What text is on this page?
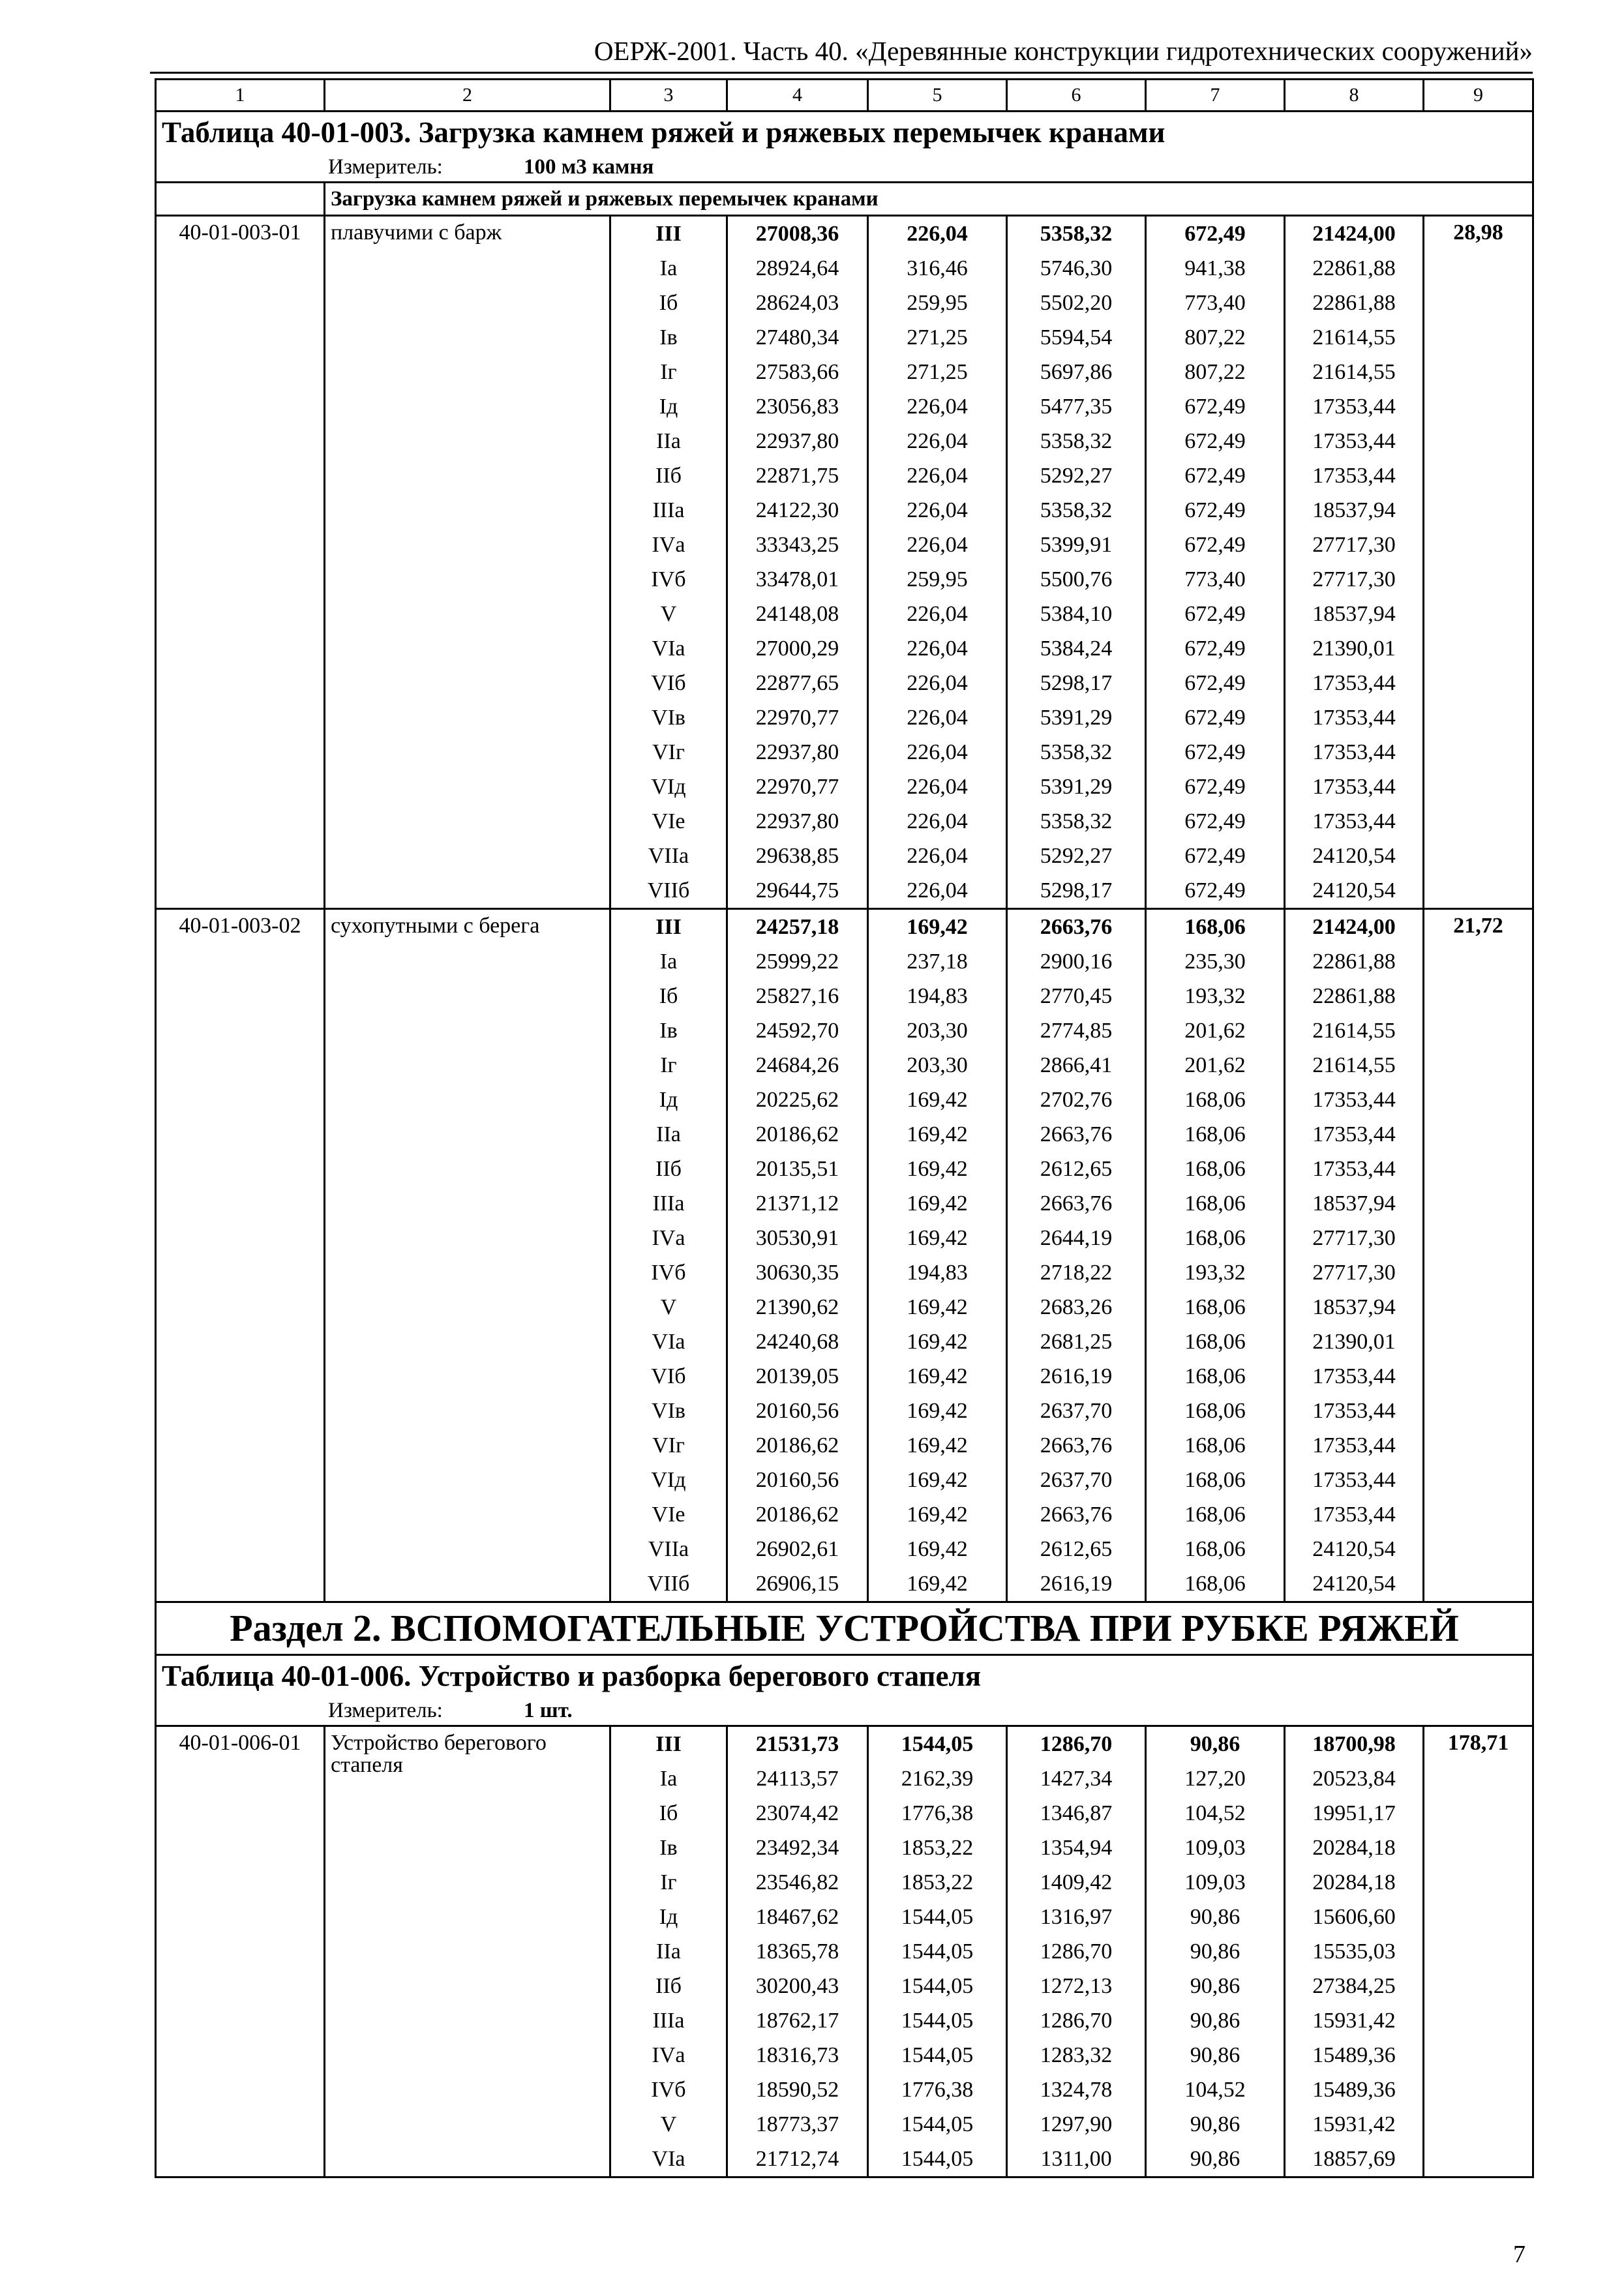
ОЕРЖ-2001. Часть 40. «Деревянные конструкции гидротехнических сооружений»
1	2	3	4	5	6	7	8	9
Таблица 40-01-003. Загрузка камнем ряжей и ряжевых перемычек кранами								
Измеритель: 100 м3 камня								
	Загрузка камнем ряжей и ряжевых перемычек кранами							
40-01-003-01	плавучими с барж	III	27008,36	226,04	5358,32	672,49	21424,00	28,98
		Iа	28924,64	316,46	5746,30	941,38	22861,88	
		Iб	28624,03	259,95	5502,20	773,40	22861,88	
		Iв	27480,34	271,25	5594,54	807,22	21614,55	
		Iг	27583,66	271,25	5697,86	807,22	21614,55	
		Iд	23056,83	226,04	5477,35	672,49	17353,44	
		IIа	22937,80	226,04	5358,32	672,49	17353,44	
		IIб	22871,75	226,04	5292,27	672,49	17353,44	
		IIIа	24122,30	226,04	5358,32	672,49	18537,94	
		IVа	33343,25	226,04	5399,91	672,49	27717,30	
		IVб	33478,01	259,95	5500,76	773,40	27717,30	
		V	24148,08	226,04	5384,10	672,49	18537,94	
		VIа	27000,29	226,04	5384,24	672,49	21390,01	
		VIб	22877,65	226,04	5298,17	672,49	17353,44	
		VIв	22970,77	226,04	5391,29	672,49	17353,44	
		VIг	22937,80	226,04	5358,32	672,49	17353,44	
		VIд	22970,77	226,04	5391,29	672,49	17353,44	
		VIе	22937,80	226,04	5358,32	672,49	17353,44	
		VIIа	29638,85	226,04	5292,27	672,49	24120,54	
		VIIб	29644,75	226,04	5298,17	672,49	24120,54	
40-01-003-02	сухопутными с берега	III	24257,18	169,42	2663,76	168,06	21424,00	21,72
		Iа	25999,22	237,18	2900,16	235,30	22861,88	
		Iб	25827,16	194,83	2770,45	193,32	22861,88	
		Iв	24592,70	203,30	2774,85	201,62	21614,55	
		Iг	24684,26	203,30	2866,41	201,62	21614,55	
		Iд	20225,62	169,42	2702,76	168,06	17353,44	
		IIа	20186,62	169,42	2663,76	168,06	17353,44	
		IIб	20135,51	169,42	2612,65	168,06	17353,44	
		IIIа	21371,12	169,42	2663,76	168,06	18537,94	
		IVа	30530,91	169,42	2644,19	168,06	27717,30	
		IVб	30630,35	194,83	2718,22	193,32	27717,30	
		V	21390,62	169,42	2683,26	168,06	18537,94	
		VIа	24240,68	169,42	2681,25	168,06	21390,01	
		VIб	20139,05	169,42	2616,19	168,06	17353,44	
		VIв	20160,56	169,42	2637,70	168,06	17353,44	
		VIг	20186,62	169,42	2663,76	168,06	17353,44	
		VIд	20160,56	169,42	2637,70	168,06	17353,44	
		VIе	20186,62	169,42	2663,76	168,06	17353,44	
		VIIа	26902,61	169,42	2612,65	168,06	24120,54	
		VIIб	26906,15	169,42	2616,19	168,06	24120,54	
Раздел 2. ВСПОМОГАТЕЛЬНЫЕ УСТРОЙСТВА ПРИ РУБКЕ РЯЖЕЙ								
Таблица 40-01-006. Устройство и разборка берегового стапеля								
Измеритель: 1 шт.								
40-01-006-01	Устройство берегового
стапеля	III	21531,73	1544,05	1286,70	90,86	18700,98	178,71
		Iа	24113,57	2162,39	1427,34	127,20	20523,84	
		Iб	23074,42	1776,38	1346,87	104,52	19951,17	
		Iв	23492,34	1853,22	1354,94	109,03	20284,18	
		Iг	23546,82	1853,22	1409,42	109,03	20284,18	
		Iд	18467,62	1544,05	1316,97	90,86	15606,60	
		IIа	18365,78	1544,05	1286,70	90,86	15535,03	
		IIб	30200,43	1544,05	1272,13	90,86	27384,25	
		IIIа	18762,17	1544,05	1286,70	90,86	15931,42	
		IVа	18316,73	1544,05	1283,32	90,86	15489,36	
		IVб	18590,52	1776,38	1324,78	104,52	15489,36	
		V	18773,37	1544,05	1297,90	90,86	15931,42	
		VIа	21712,74	1544,05	1311,00	90,86	18857,69	
7
